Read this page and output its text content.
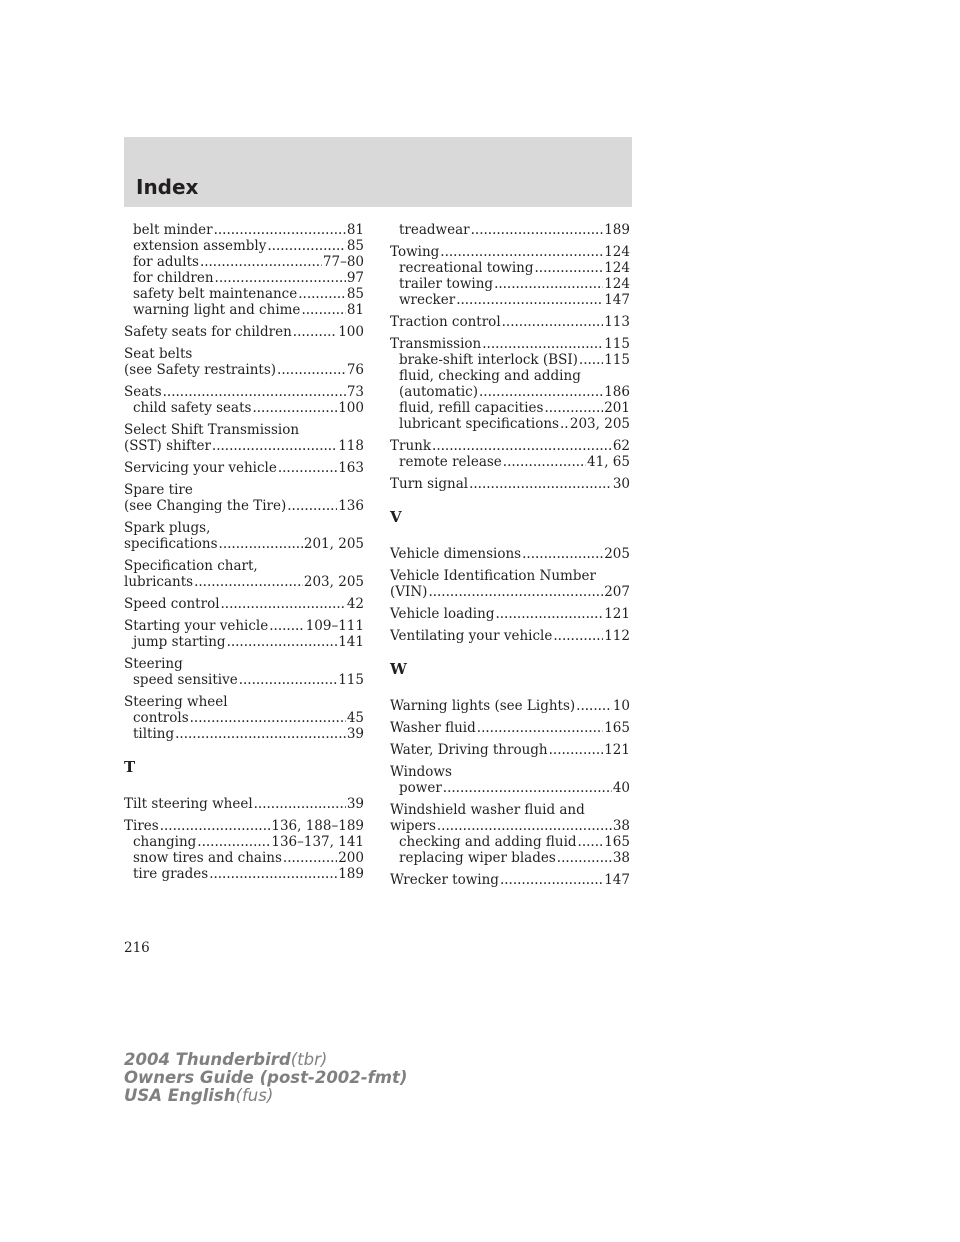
Index
belt minder .....	81
extension assembly .....	85
for adults .....	77–80
for children .....	97
safety belt maintenance .....	85
warning light and chime .....	81
Safety seats for children .....	100
Seat belts
(see Safety restraints) .....	76
Seats .....	73
child safety seats .....	100
Select Shift Transmission
(SST) shifter .....	118
Servicing your vehicle .....	163
Spare tire
(see Changing the Tire) .....	136
Spark plugs,
specifications .....	201, 205
Specification chart,
lubricants .....	203, 205
Speed control .....	42
Starting your vehicle .....	109–111
jump starting .....	141
Steering
speed sensitive .....	115
Steering wheel
controls .....	45
tilting .....	39
T
Tilt steering wheel .....	39
Tires .....	136, 188–189
changing .....	136–137, 141
snow tires and chains .....	200
tire grades .....	189
treadwear .....	189
Towing .....	124
recreational towing .....	124
trailer towing .....	124
wrecker .....	147
Traction control .....	113
Transmission .....	115
brake-shift interlock (BSI) ..... 115
fluid, checking and adding
(automatic) .....	186
fluid, refill capacities .....	201
lubricant specifications ..... 203, 205
Trunk .....	62
remote release .....	41, 65
Turn signal .....	30
V
Vehicle dimensions .....	205
Vehicle Identification Number
(VIN) .....	207
Vehicle loading .....	121
Ventilating your vehicle .....	112
W
Warning lights (see Lights) .....	10
Washer fluid .....	165
Water, Driving through .....	121
Windows
power .....	40
Windshield washer fluid and
wipers .....	38
checking and adding fluid ..... 165
replacing wiper blades .....	38
Wrecker towing .....	147
216
2004 Thunderbird(tbr)
Owners Guide (post-2002-fmt)
USA English(fus)
